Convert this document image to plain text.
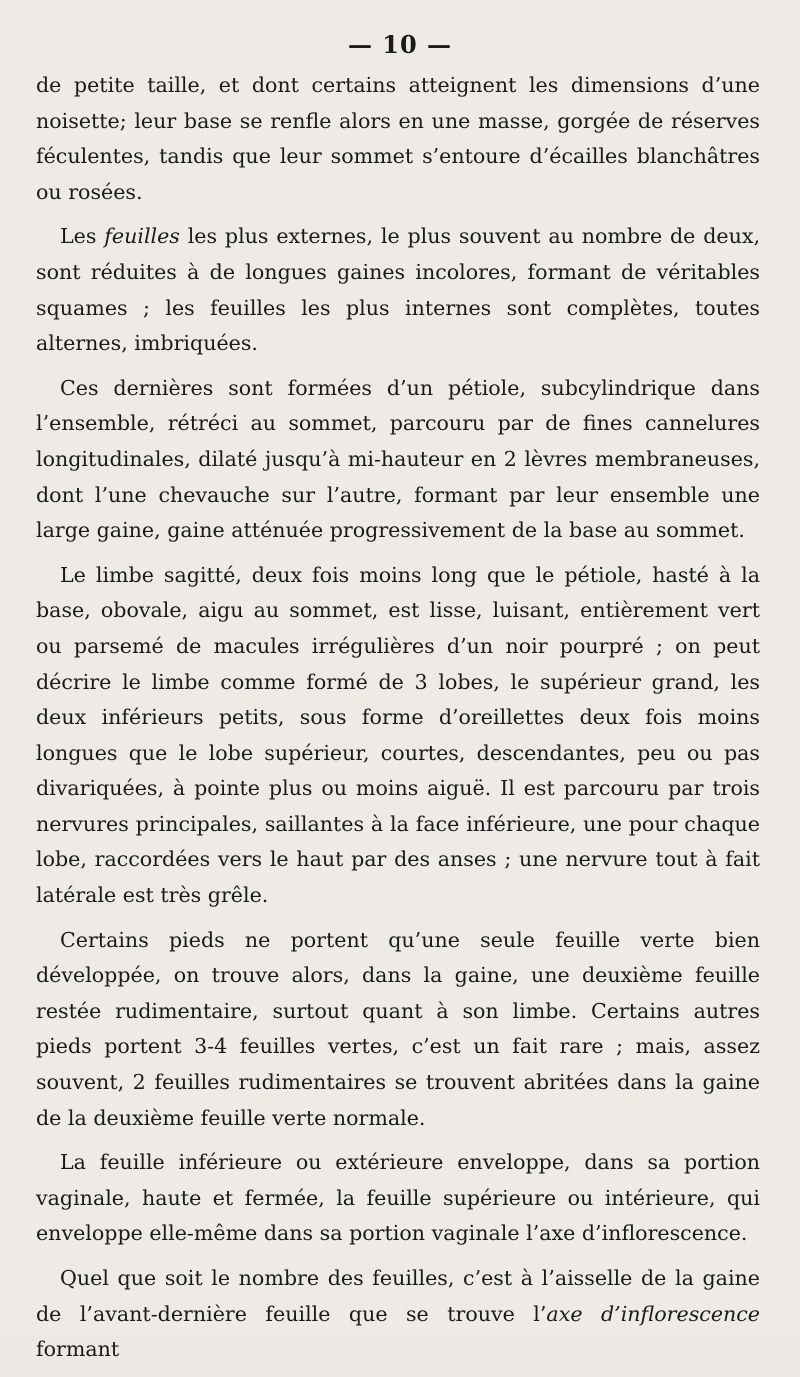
— 10 —

de petite taille, et dont certains atteignent les dimensions d’une noisette; leur base se renfle alors en une masse, gorgée de réserves féculentes, tandis que leur sommet s’entoure d’écailles blanchâtres ou rosées.

Les feuilles les plus externes, le plus souvent au nombre de deux, sont réduites à de longues gaines incolores, formant de véritables squames ; les feuilles les plus internes sont complètes, toutes alternes, imbriquées.

Ces dernières sont formées d’un pétiole, subcylindrique dans l’ensemble, rétréci au sommet, parcouru par de fines cannelures longitudinales, dilaté jusqu’à mi-hauteur en 2 lèvres membraneuses, dont l’une chevauche sur l’autre, formant par leur ensemble une large gaine, gaine atténuée progressivement de la base au sommet.

Le limbe sagitté, deux fois moins long que le pétiole, hasté à la base, obovale, aigu au sommet, est lisse, luisant, entièrement vert ou parsemé de macules irrégulières d’un noir pourpré ; on peut décrire le limbe comme formé de 3 lobes, le supérieur grand, les deux inférieurs petits, sous forme d’oreillettes deux fois moins longues que le lobe supérieur, courtes, descendantes, peu ou pas divariquées, à pointe plus ou moins aiguë. Il est parcouru par trois nervures principales, saillantes à la face inférieure, une pour chaque lobe, raccordées vers le haut par des anses ; une nervure tout à fait latérale est très grêle.

Certains pieds ne portent qu’une seule feuille verte bien développée, on trouve alors, dans la gaine, une deuxième feuille restée rudimentaire, surtout quant à son limbe. Certains autres pieds portent 3-4 feuilles vertes, c’est un fait rare ; mais, assez souvent, 2 feuilles rudimentaires se trouvent abritées dans la gaine de la deuxième feuille verte normale.

La feuille inférieure ou extérieure enveloppe, dans sa portion vaginale, haute et fermée, la feuille supérieure ou intérieure, qui enveloppe elle-même dans sa portion vaginale l’axe d’inflorescence.

Quel que soit le nombre des feuilles, c’est à l’aisselle de la gaine de l’avant-dernière feuille que se trouve l’axe d’inflorescence formant
